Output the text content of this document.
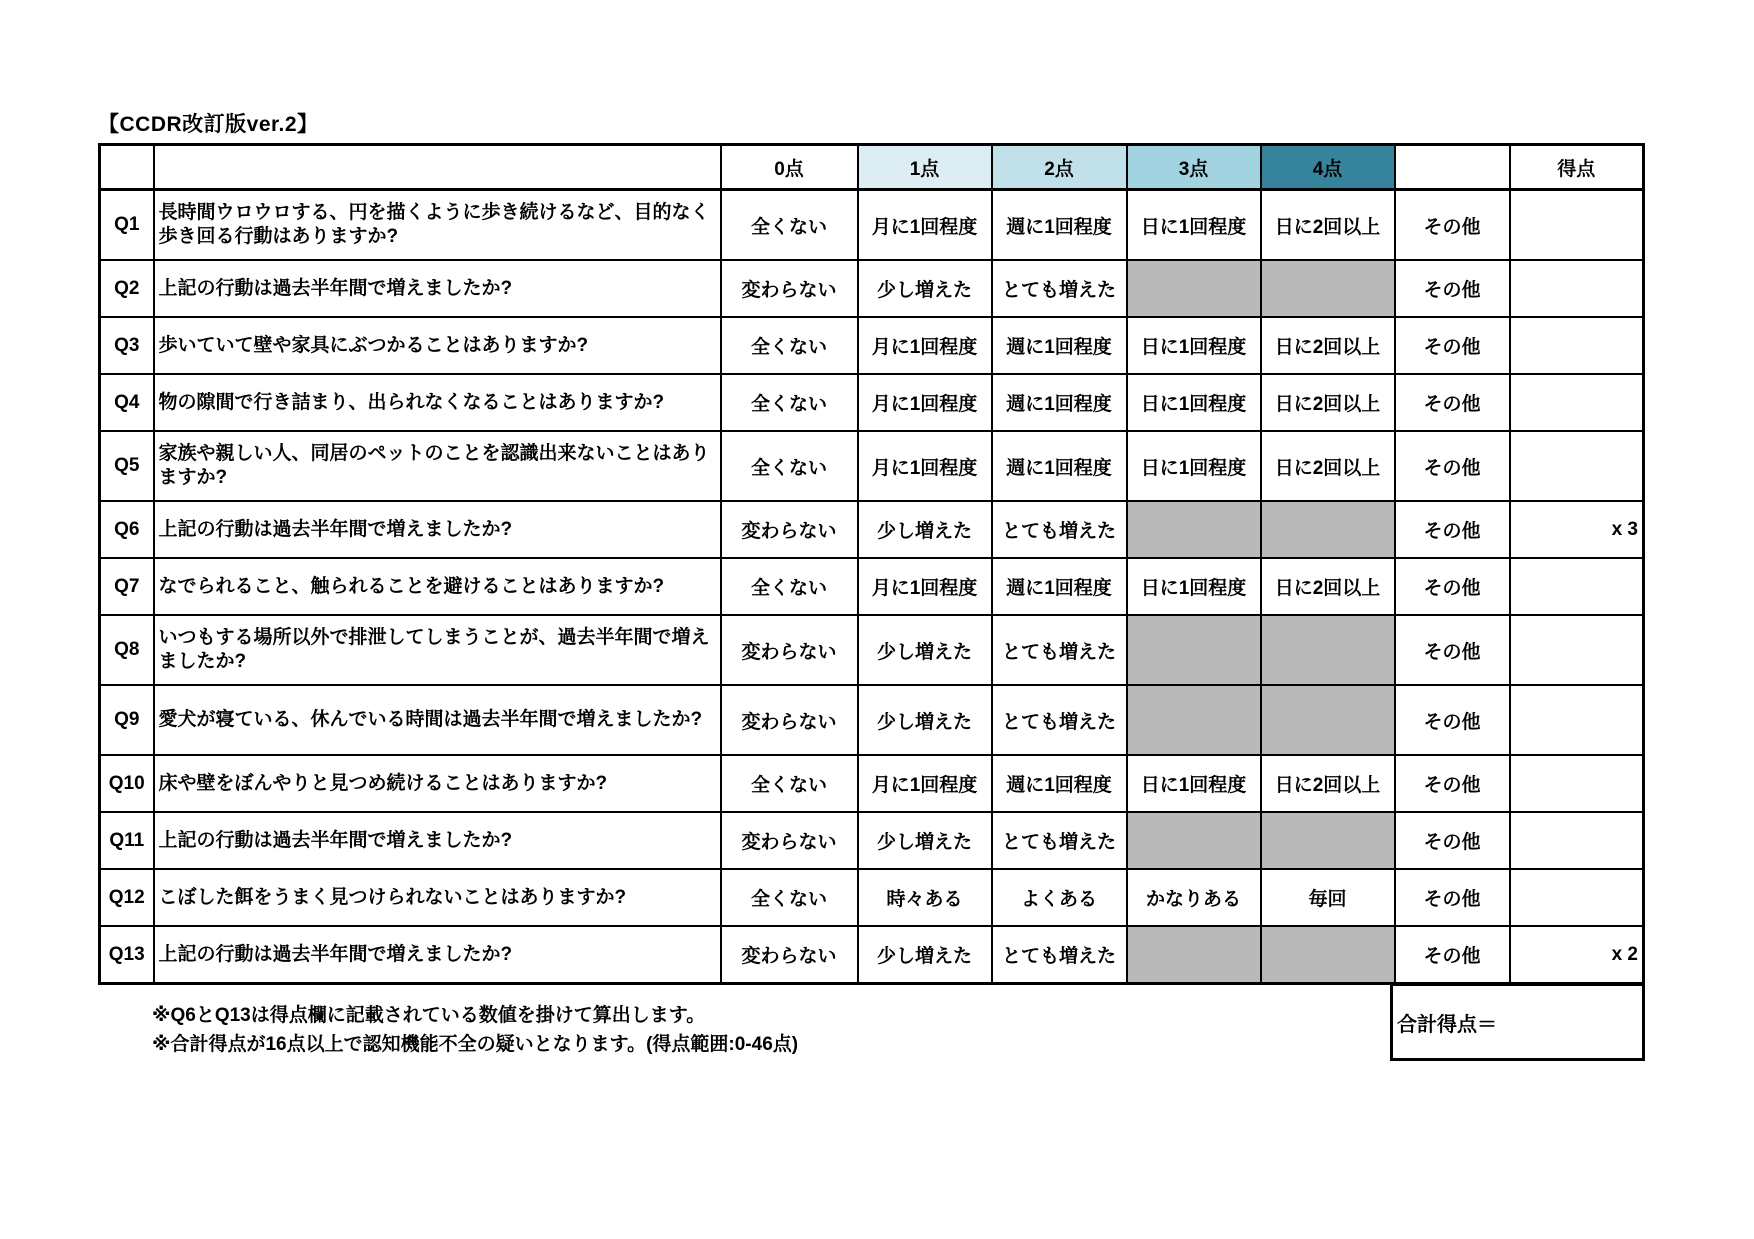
【CCDR改訂版ver.2】
		0点	1点	2点	3点	4点		得点
Q1	長時間ウロウロする、円を描くように歩き続けるなど、目的なく歩き回る行動はありますか?	全くない	月に1回程度	週に1回程度	日に1回程度	日に2回以上	その他	
Q2	上記の行動は過去半年間で増えましたか?	変わらない	少し増えた	とても増えた			その他	
Q3	歩いていて壁や家具にぶつかることはありますか?	全くない	月に1回程度	週に1回程度	日に1回程度	日に2回以上	その他	
Q4	物の隙間で行き詰まり、出られなくなることはありますか?	全くない	月に1回程度	週に1回程度	日に1回程度	日に2回以上	その他	
Q5	家族や親しい人、同居のペットのことを認識出来ないことはありますか?	全くない	月に1回程度	週に1回程度	日に1回程度	日に2回以上	その他	
Q6	上記の行動は過去半年間で増えましたか?	変わらない	少し増えた	とても増えた			その他	x 3
Q7	なでられること、触られることを避けることはありますか?	全くない	月に1回程度	週に1回程度	日に1回程度	日に2回以上	その他	
Q8	いつもする場所以外で排泄してしまうことが、過去半年間で増えましたか?	変わらない	少し増えた	とても増えた			その他	
Q9	愛犬が寝ている、休んでいる時間は過去半年間で増えましたか?	変わらない	少し増えた	とても増えた			その他	
Q10	床や壁をぼんやりと見つめ続けることはありますか?	全くない	月に1回程度	週に1回程度	日に1回程度	日に2回以上	その他	
Q11	上記の行動は過去半年間で増えましたか?	変わらない	少し増えた	とても増えた			その他	
Q12	こぼした餌をうまく見つけられないことはありますか?	全くない	時々ある	よくある	かなりある	毎回	その他	
Q13	上記の行動は過去半年間で増えましたか?	変わらない	少し増えた	とても増えた			その他	x 2

※Q6とQ13は得点欄に記載されている数値を掛けて算出します。

※合計得点が16点以上で認知機能不全の疑いとなります。(得点範囲:0-46点)

合計得点＝
